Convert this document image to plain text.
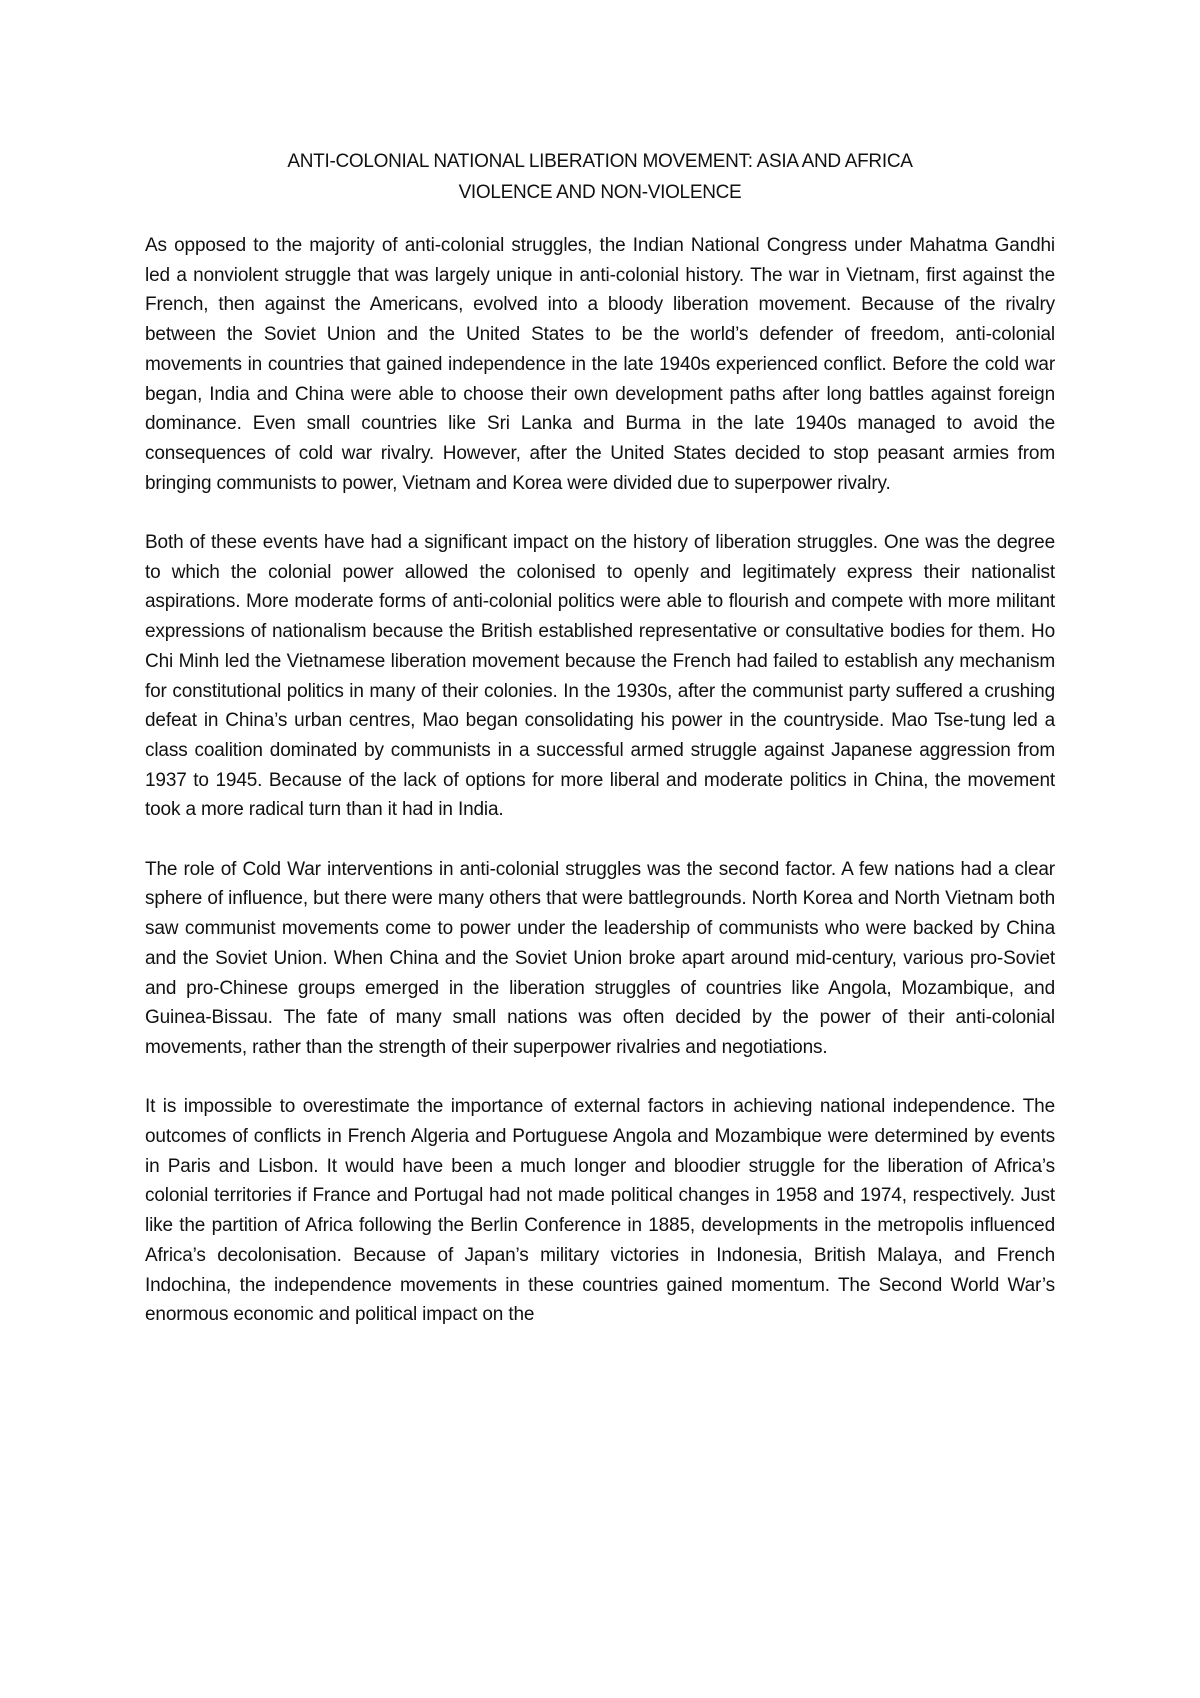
ANTI-COLONIAL NATIONAL LIBERATION MOVEMENT: ASIA AND AFRICA
VIOLENCE AND NON-VIOLENCE

As opposed to the majority of anti-colonial struggles, the Indian National Congress under Mahatma Gandhi led a nonviolent struggle that was largely unique in anti-colonial history. The war in Vietnam, first against the French, then against the Americans, evolved into a bloody liberation movement. Because of the rivalry between the Soviet Union and the United States to be the world’s defender of freedom, anti-colonial movements in countries that gained independence in the late 1940s experienced conflict. Before the cold war began, India and China were able to choose their own development paths after long battles against foreign dominance. Even small countries like Sri Lanka and Burma in the late 1940s managed to avoid the consequences of cold war rivalry. However, after the United States decided to stop peasant armies from bringing communists to power, Vietnam and Korea were divided due to superpower rivalry.

Both of these events have had a significant impact on the history of liberation struggles. One was the degree to which the colonial power allowed the colonised to openly and legitimately express their nationalist aspirations. More moderate forms of anti-colonial politics were able to flourish and compete with more militant expressions of nationalism because the British established representative or consultative bodies for them. Ho Chi Minh led the Vietnamese liberation movement because the French had failed to establish any mechanism for constitutional politics in many of their colonies. In the 1930s, after the communist party suffered a crushing defeat in China’s urban centres, Mao began consolidating his power in the countryside. Mao Tse-tung led a class coalition dominated by communists in a successful armed struggle against Japanese aggression from 1937 to 1945. Because of the lack of options for more liberal and moderate politics in China, the movement took a more radical turn than it had in India.

The role of Cold War interventions in anti-colonial struggles was the second factor. A few nations had a clear sphere of influence, but there were many others that were battlegrounds. North Korea and North Vietnam both saw communist movements come to power under the leadership of communists who were backed by China and the Soviet Union. When China and the Soviet Union broke apart around mid-century, various pro-Soviet and pro-Chinese groups emerged in the liberation struggles of countries like Angola, Mozambique, and Guinea-Bissau. The fate of many small nations was often decided by the power of their anti-colonial movements, rather than the strength of their superpower rivalries and negotiations.

It is impossible to overestimate the importance of external factors in achieving national independence. The outcomes of conflicts in French Algeria and Portuguese Angola and Mozambique were determined by events in Paris and Lisbon. It would have been a much longer and bloodier struggle for the liberation of Africa’s colonial territories if France and Portugal had not made political changes in 1958 and 1974, respectively. Just like the partition of Africa following the Berlin Conference in 1885, developments in the metropolis influenced Africa’s decolonisation. Because of Japan’s military victories in Indonesia, British Malaya, and French Indochina, the independence movements in these countries gained momentum. The Second World War’s enormous economic and political impact on the
